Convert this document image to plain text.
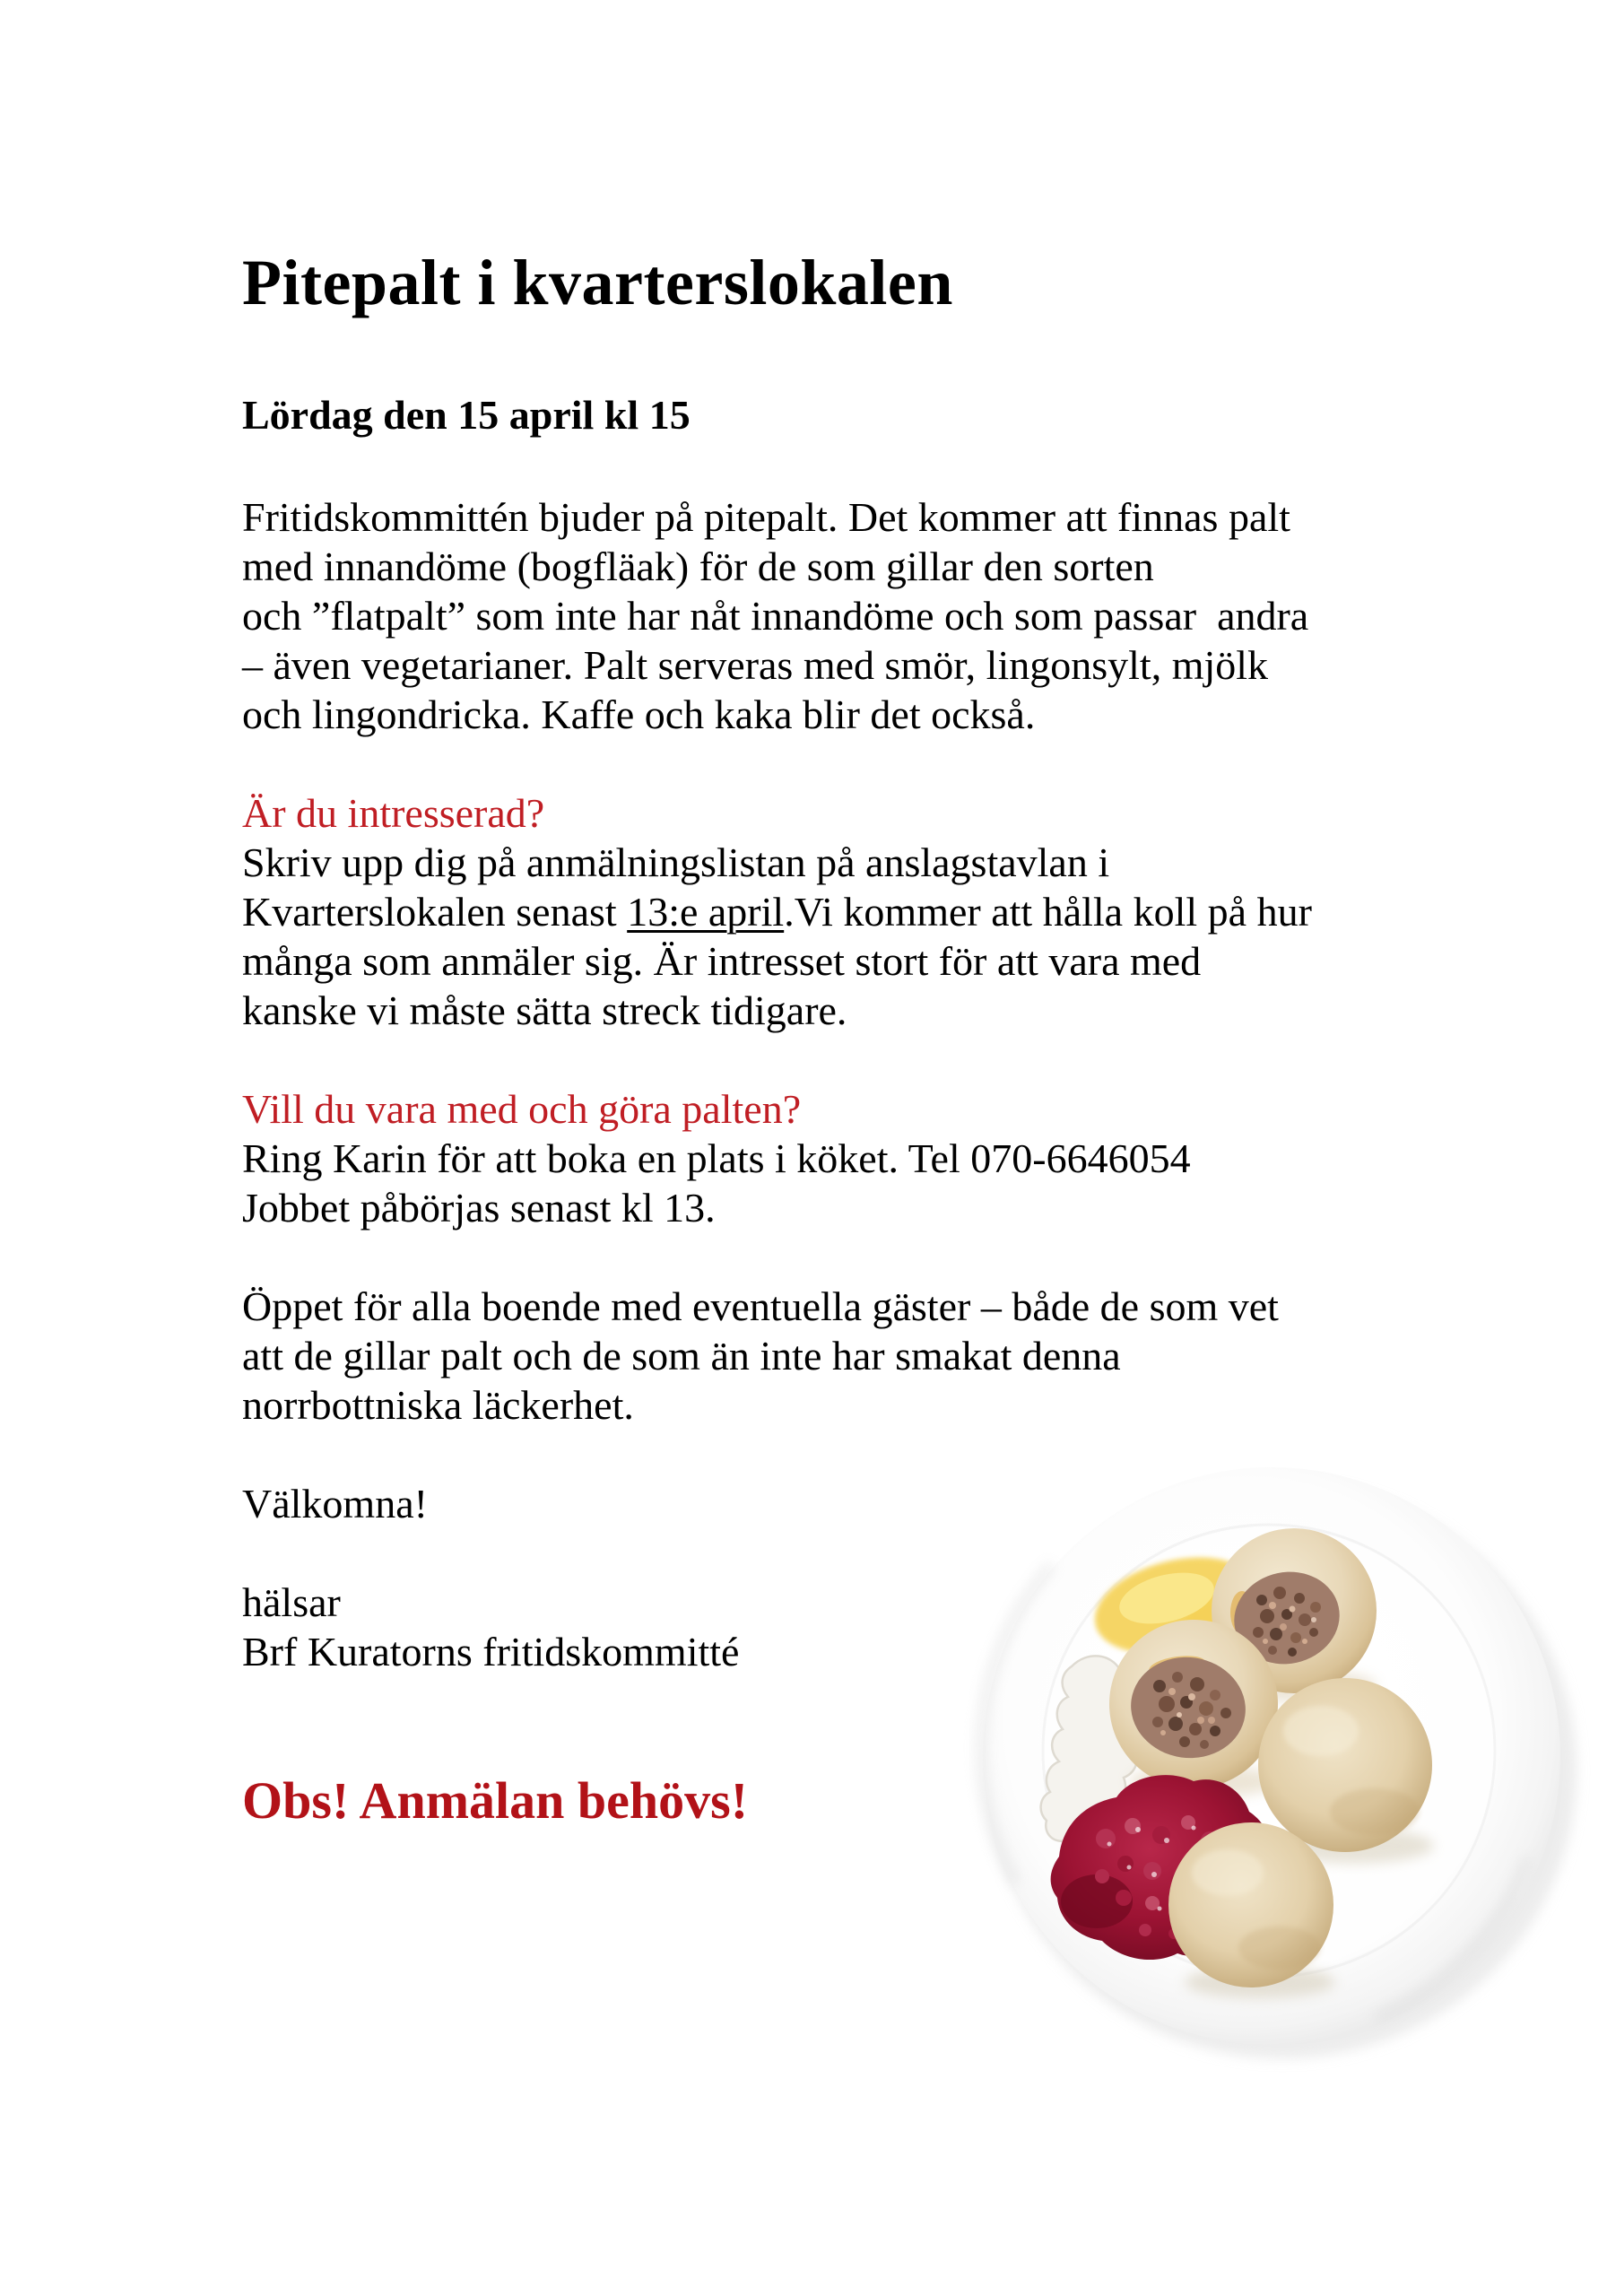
Pitepalt i kvarterslokalen
Lördag den 15 april kl 15
Fritidskommittén bjuder på pitepalt. Det kommer att finnas palt
med innandöme (bogfläak) för de som gillar den sorten
och ”flatpalt” som inte har nåt innandöme och som passar  andra
– även vegetarianer. Palt serveras med smör, lingonsylt, mjölk
och lingondricka. Kaffe och kaka blir det också.
Är du intresserad?
Skriv upp dig på anmälningslistan på anslagstavlan i
Kvarterslokalen senast 13:e april.Vi kommer att hålla koll på hur
många som anmäler sig. Är intresset stort för att vara med
kanske vi måste sätta streck tidigare.
Vill du vara med och göra palten?
Ring Karin för att boka en plats i köket. Tel 070-6646054
Jobbet påbörjas senast kl 13.
Öppet för alla boende med eventuella gäster – både de som vet
att de gillar palt och de som än inte har smakat denna
norrbottniska läckerhet.
Välkomna!
hälsar
Brf Kuratorns fritidskommitté
Obs! Anmälan behövs!
